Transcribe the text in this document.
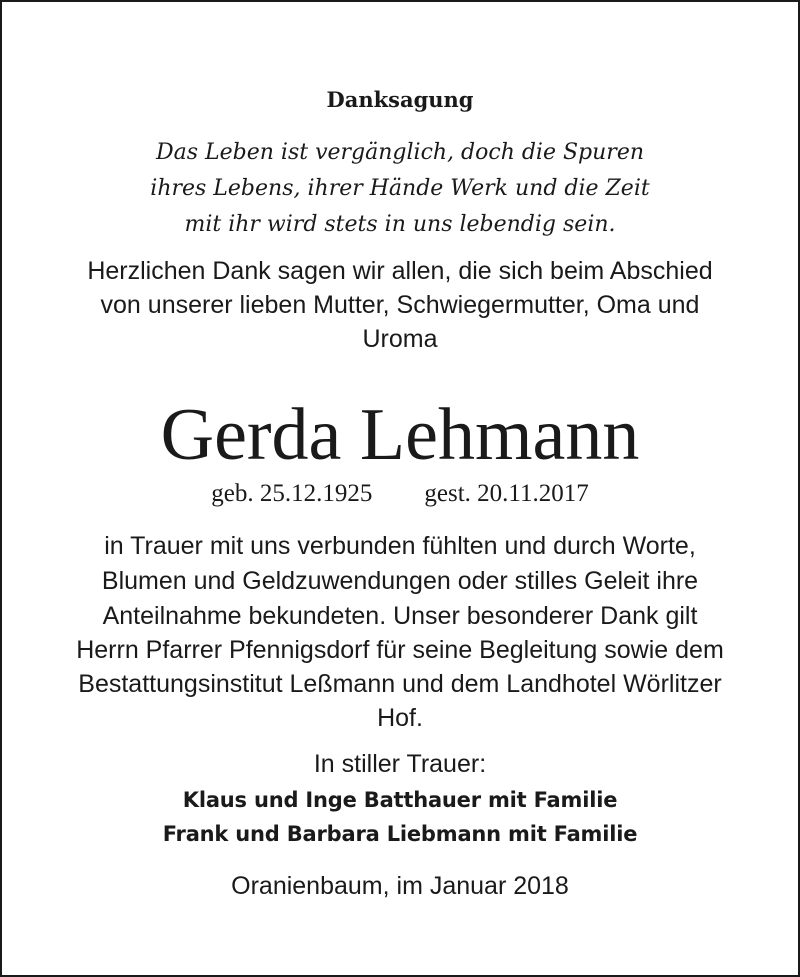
Danksagung
Das Leben ist vergänglich, doch die Spuren
ihres Lebens, ihrer Hände Werk und die Zeit
mit ihr wird stets in uns lebendig sein.
Herzlichen Dank sagen wir allen, die sich beim Abschied
von unserer lieben Mutter, Schwiegermutter, Oma und
Uroma
Gerda Lehmann
geb. 25.12.1925 gest. 20.11.2017
in Trauer mit uns verbunden fühlten und durch Worte,
Blumen und Geldzuwendungen oder stilles Geleit ihre
Anteilnahme bekundeten. Unser besonderer Dank gilt
Herrn Pfarrer Pfennigsdorf für seine Begleitung sowie dem
Bestattungsinstitut Leßmann und dem Landhotel Wörlitzer
Hof.
In stiller Trauer:
Klaus und Inge Batthauer mit Familie
Frank und Barbara Liebmann mit Familie
Oranienbaum, im Januar 2018
